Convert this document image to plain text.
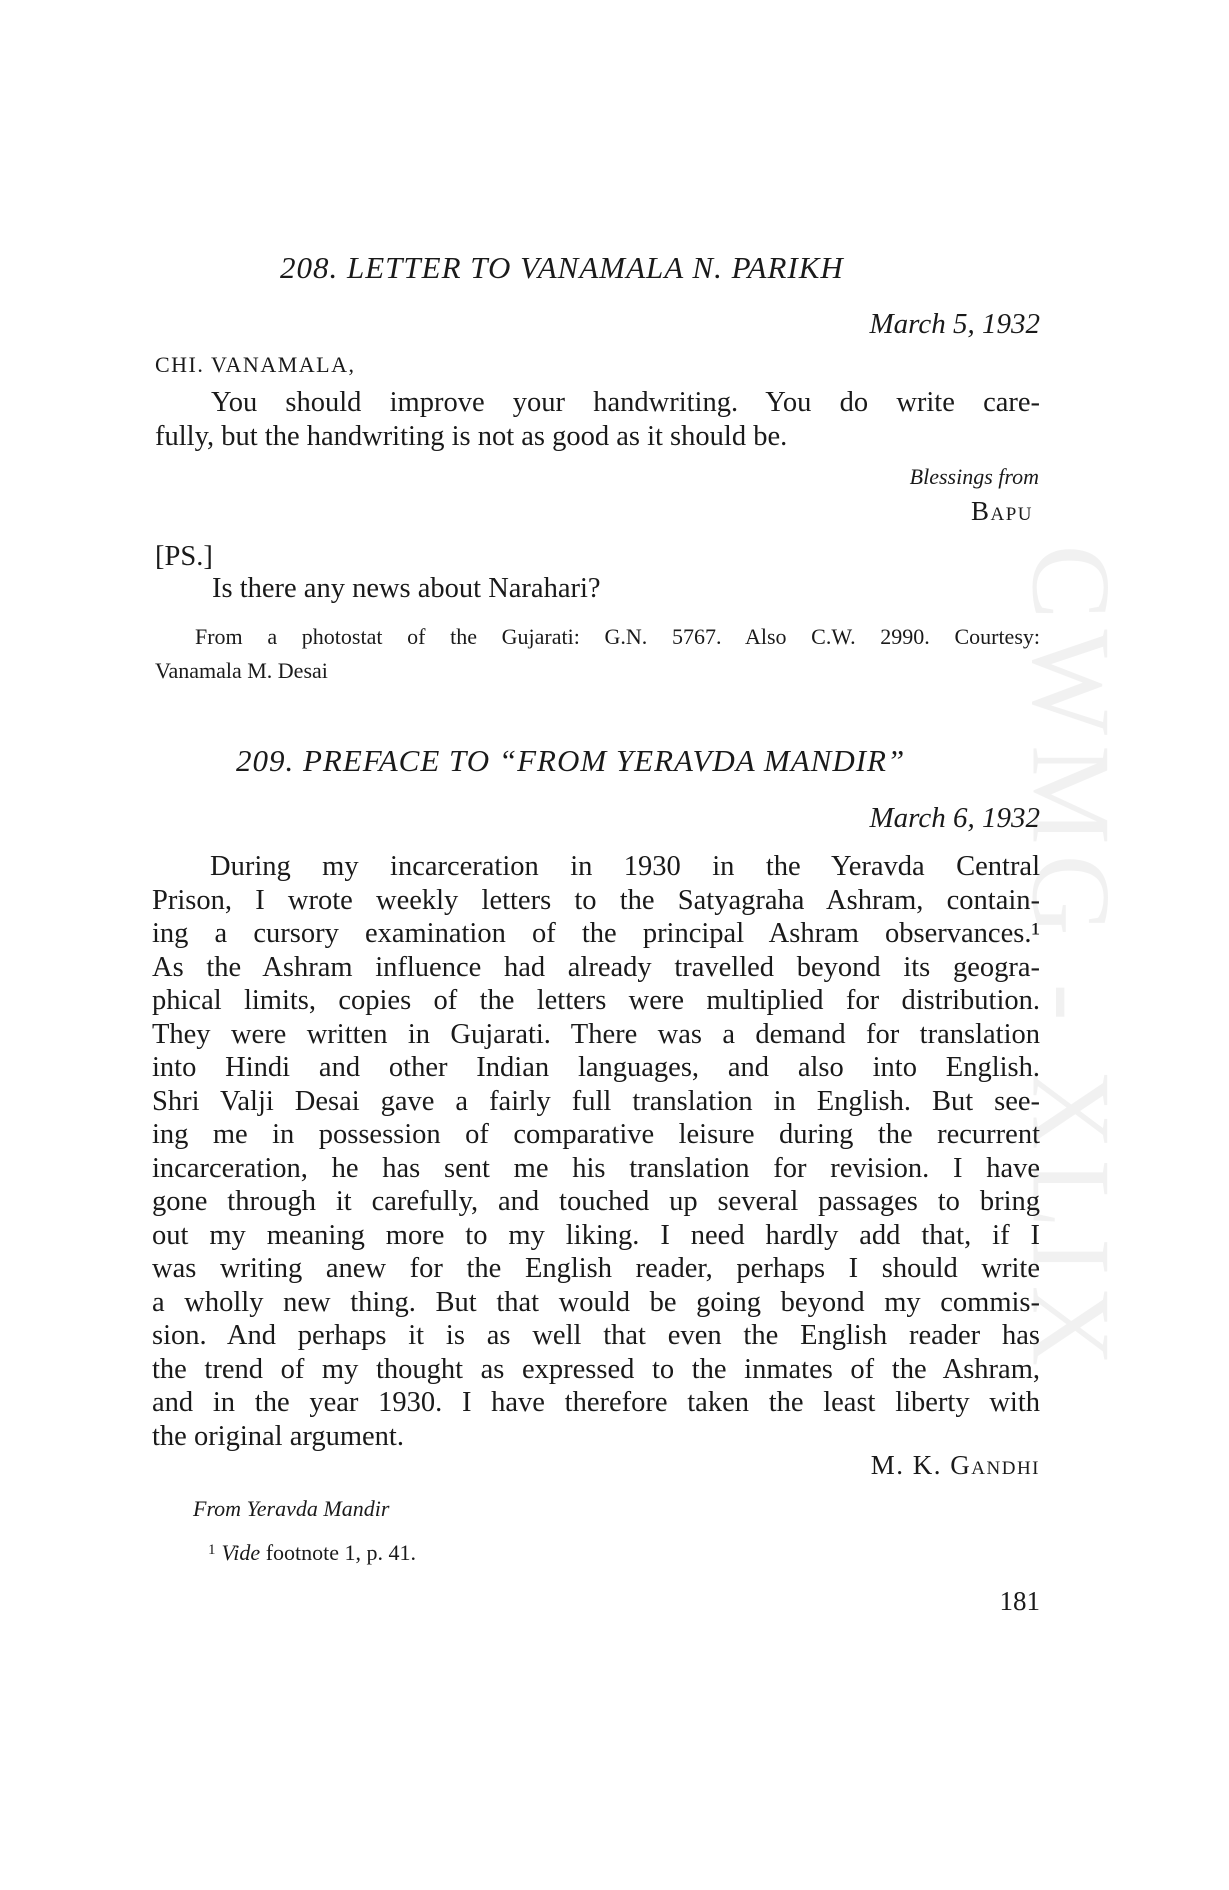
CWMG - XLIX
208. LETTER TO VANAMALA N. PARIKH
March 5, 1932
CHI. VANAMALA,
You should improve your handwriting. You do write care-
fully, but the handwriting is not as good as it should be.
Blessings from
Bapu
[PS.]
Is there any news about Narahari?
From a photostat of the Gujarati: G.N. 5767. Also C.W. 2990. Courtesy:
Vanamala M. Desai
209. PREFACE TO “FROM YERAVDA MANDIR”
March 6, 1932
During my incarceration in 1930 in the Yeravda Central
Prison, I wrote weekly letters to the Satyagraha Ashram, contain-
ing a cursory examination of the principal Ashram observances.¹
As the Ashram influence had already travelled beyond its geogra-
phical limits, copies of the letters were multiplied for distribution.
They were written in Gujarati. There was a demand for translation
into Hindi and other Indian languages, and also into English.
Shri Valji Desai gave a fairly full translation in English. But see-
ing me in possession of comparative leisure during the recurrent
incarceration, he has sent me his translation for revision. I have
gone through it carefully, and touched up several passages to bring
out my meaning more to my liking. I need hardly add that, if I
was writing anew for the English reader, perhaps I should write
a wholly new thing. But that would be going beyond my commis-
sion. And perhaps it is as well that even the English reader has
the trend of my thought as expressed to the inmates of the Ashram,
and in the year 1930. I have therefore taken the least liberty with
the original argument.
M. K. Gandhi
From Yeravda Mandir
$^1$ Vide footnote 1, p. 41.
181
